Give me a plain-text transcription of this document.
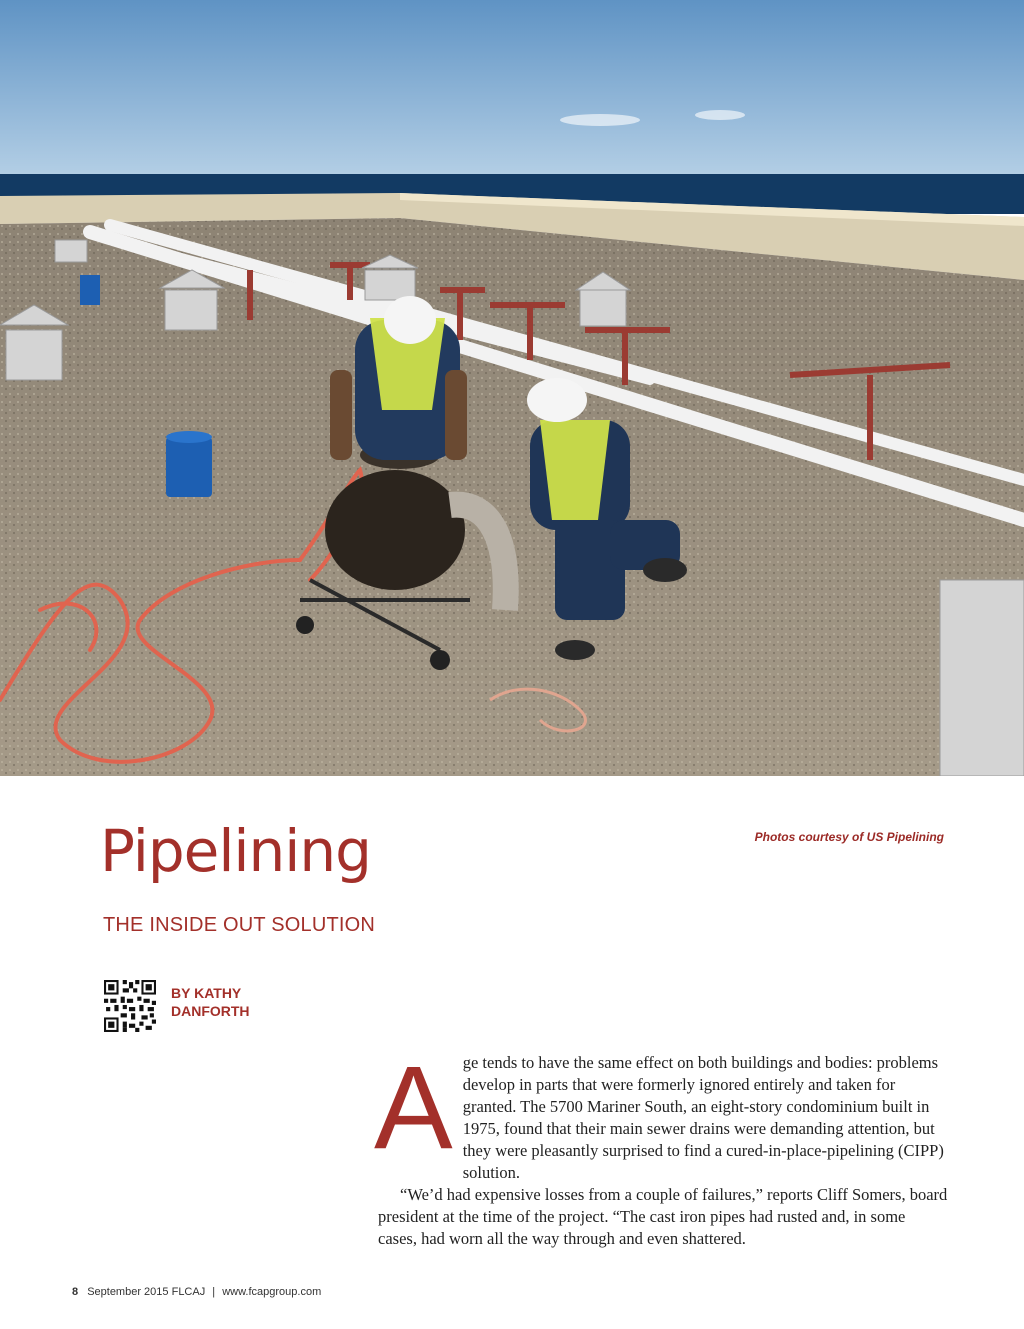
Photos courtesy of US Pipelining
Pipelining
THE INSIDE OUT SOLUTION
BY KATHY
DANFORTH
A ge tends to have the same effect on both buildings and bodies: problems develop in parts that were formerly ignored entirely and taken for granted. The 5700 Mariner South, an eight-story condominium built in 1975, found that their main sewer drains were demanding attention, but they were pleasantly surprised to find a cured-in-place-pipelining (CIPP) solution.

“We’d had expensive losses from a couple of failures,” reports Cliff Somers, board president at the time of the project. “The cast iron pipes had rusted and, in some cases, had worn all the way through and even shattered.

8 September 2015 FLCAJ | www.fcapgroup.com
